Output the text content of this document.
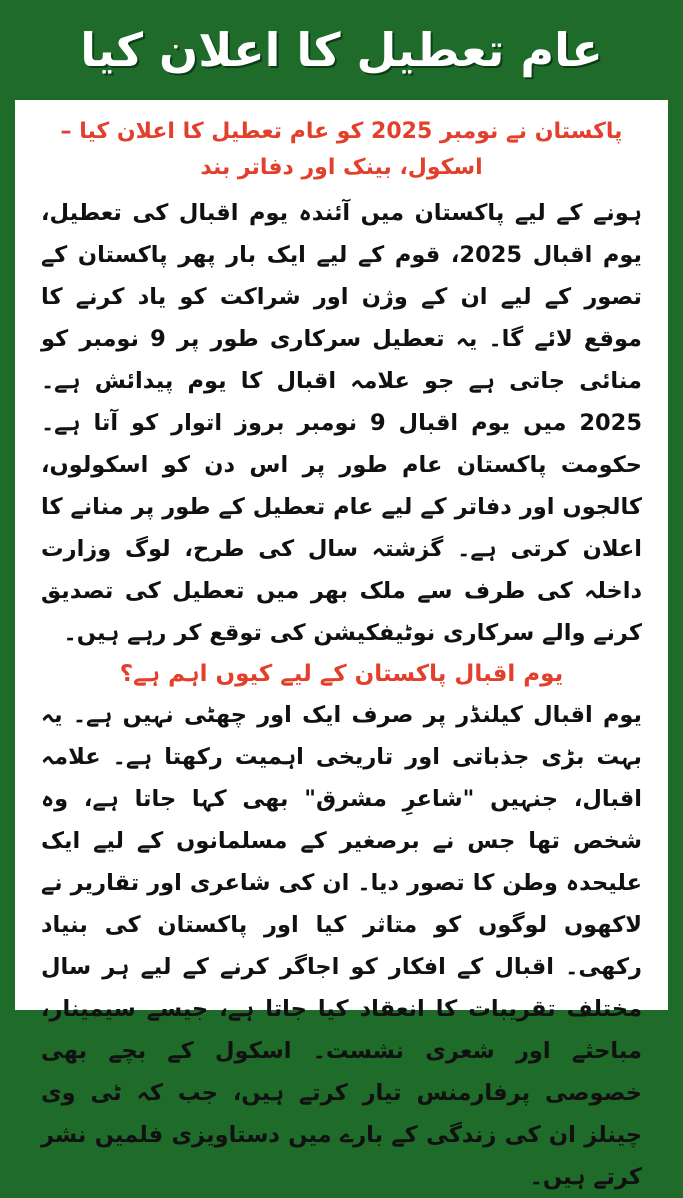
عام تعطیل کا اعلان کیا

پاکستان نے نومبر 2025 کو عام تعطیل کا اعلان کیا – اسکول، بینک اور دفاتر بند

ہونے کے لیے پاکستان میں آئندہ یوم اقبال کی تعطیل، یوم اقبال 2025، قوم کے لیے ایک بار پھر پاکستان کے تصور کے لیے ان کے وژن اور شراکت کو یاد کرنے کا موقع لائے گا۔ یہ تعطیل سرکاری طور پر 9 نومبر کو منائی جاتی ہے جو علامہ اقبال کا یوم پیدائش ہے۔ 2025 میں یوم اقبال 9 نومبر بروز اتوار کو آتا ہے۔ حکومت پاکستان عام طور پر اس دن کو اسکولوں، کالجوں اور دفاتر کے لیے عام تعطیل کے طور پر منانے کا اعلان کرتی ہے۔ گزشتہ سال کی طرح، لوگ وزارت داخلہ کی طرف سے ملک بھر میں تعطیل کی تصدیق کرنے والے سرکاری نوٹیفکیشن کی توقع کر رہے ہیں۔

یوم اقبال پاکستان کے لیے کیوں اہم ہے؟

یوم اقبال کیلنڈر پر صرف ایک اور چھٹی نہیں ہے۔ یہ بہت بڑی جذباتی اور تاریخی اہمیت رکھتا ہے۔ علامہ اقبال، جنہیں "شاعرِ مشرق" بھی کہا جاتا ہے، وہ شخص تھا جس نے برصغیر کے مسلمانوں کے لیے ایک علیحدہ وطن کا تصور دیا۔ ان کی شاعری اور تقاریر نے لاکھوں لوگوں کو متاثر کیا اور پاکستان کی بنیاد رکھی۔ اقبال کے افکار کو اجاگر کرنے کے لیے ہر سال مختلف تقریبات کا انعقاد کیا جاتا ہے، جیسے سیمینار، مباحثے اور شعری نشست۔ اسکول کے بچے بھی خصوصی پرفارمنس تیار کرتے ہیں، جب کہ ٹی وی چینلز ان کی زندگی کے بارے میں دستاویزی فلمیں نشر کرتے ہیں۔
